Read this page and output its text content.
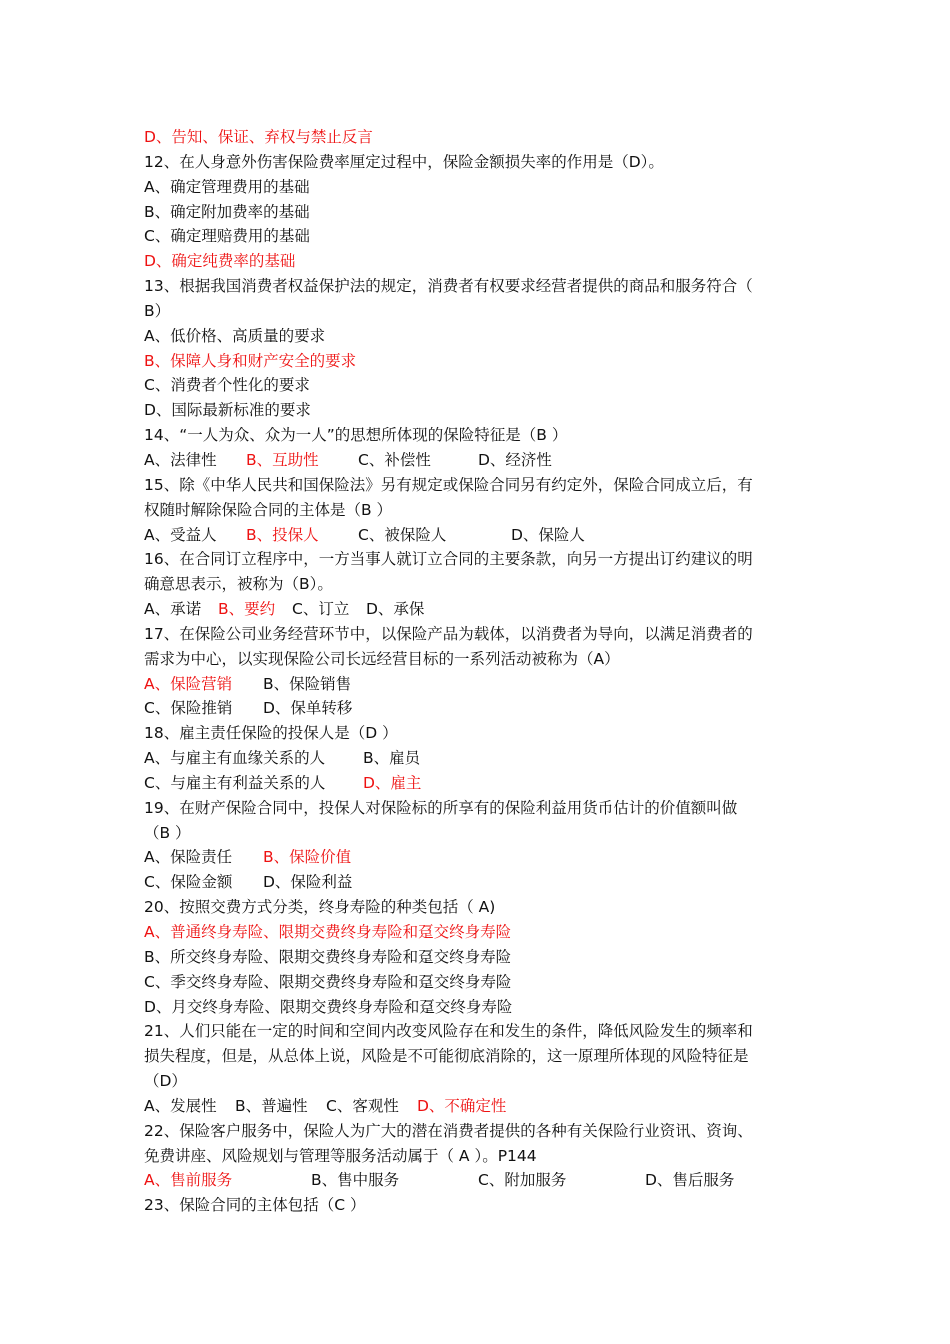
D、告知、保证、弃权与禁止反言
12、在人身意外伤害保险费率厘定过程中，保险金额损失率的作用是（D）。
A、确定管理费用的基础
B、确定附加费率的基础
C、确定理赔费用的基础
D、确定纯费率的基础
13、根据我国消费者权益保护法的规定，消费者有权要求经营者提供的商品和服务符合（
B）
A、低价格、高质量的要求
B、保障人身和财产安全的要求
C、消费者个性化的要求
D、国际最新标准的要求
14、“一人为众、众为一人”的思想所体现的保险特征是（B ）
A、法律性 B、互助性	C、补偿性	D、经济性
15、除《中华人民共和国保险法》另有规定或保险合同另有约定外，保险合同成立后，有
权随时解除保险合同的主体是（B ）
A、受益人 B、投保人	C、被保险人	D、保险人
16、在合同订立程序中，一方当事人就订立合同的主要条款，向另一方提出订约建议的明
确意思表示，被称为（B）。
A、承诺 B、要约 C、订立 D、承保
17、在保险公司业务经营环节中，以保险产品为载体，以消费者为导向，以满足消费者的
需求为中心，以实现保险公司长远经营目标的一系列活动被称为（A）
A、保险营销 B、保险销售
C、保险推销 D、保单转移
18、雇主责任保险的投保人是（D ）
A、与雇主有血缘关系的人 B、雇员
C、与雇主有利益关系的人 D、雇主
19、在财产保险合同中，投保人对保险标的所享有的保险利益用货币估计的价值额叫做
（B ）
A、保险责任 B、保险价值
C、保险金额 D、保险利益
20、按照交费方式分类，终身寿险的种类包括（ A)
A、普通终身寿险、限期交费终身寿险和趸交终身寿险
B、所交终身寿险、限期交费终身寿险和趸交终身寿险
C、季交终身寿险、限期交费终身寿险和趸交终身寿险
D、月交终身寿险、限期交费终身寿险和趸交终身寿险
21、人们只能在一定的时间和空间内改变风险存在和发生的条件，降低风险发生的频率和
损失程度，但是，从总体上说，风险是不可能彻底消除的，这一原理所体现的风险特征是
（D）
A、发展性 B、普遍性 C、客观性 D、不确定性
22、保险客户服务中，保险人为广大的潜在消费者提供的各种有关保险行业资讯、资询、
免费讲座、风险规划与管理等服务活动属于（ A ）。P144
A、售前服务	B、售中服务	C、附加服务	D、售后服务
23、保险合同的主体包括（C ）
